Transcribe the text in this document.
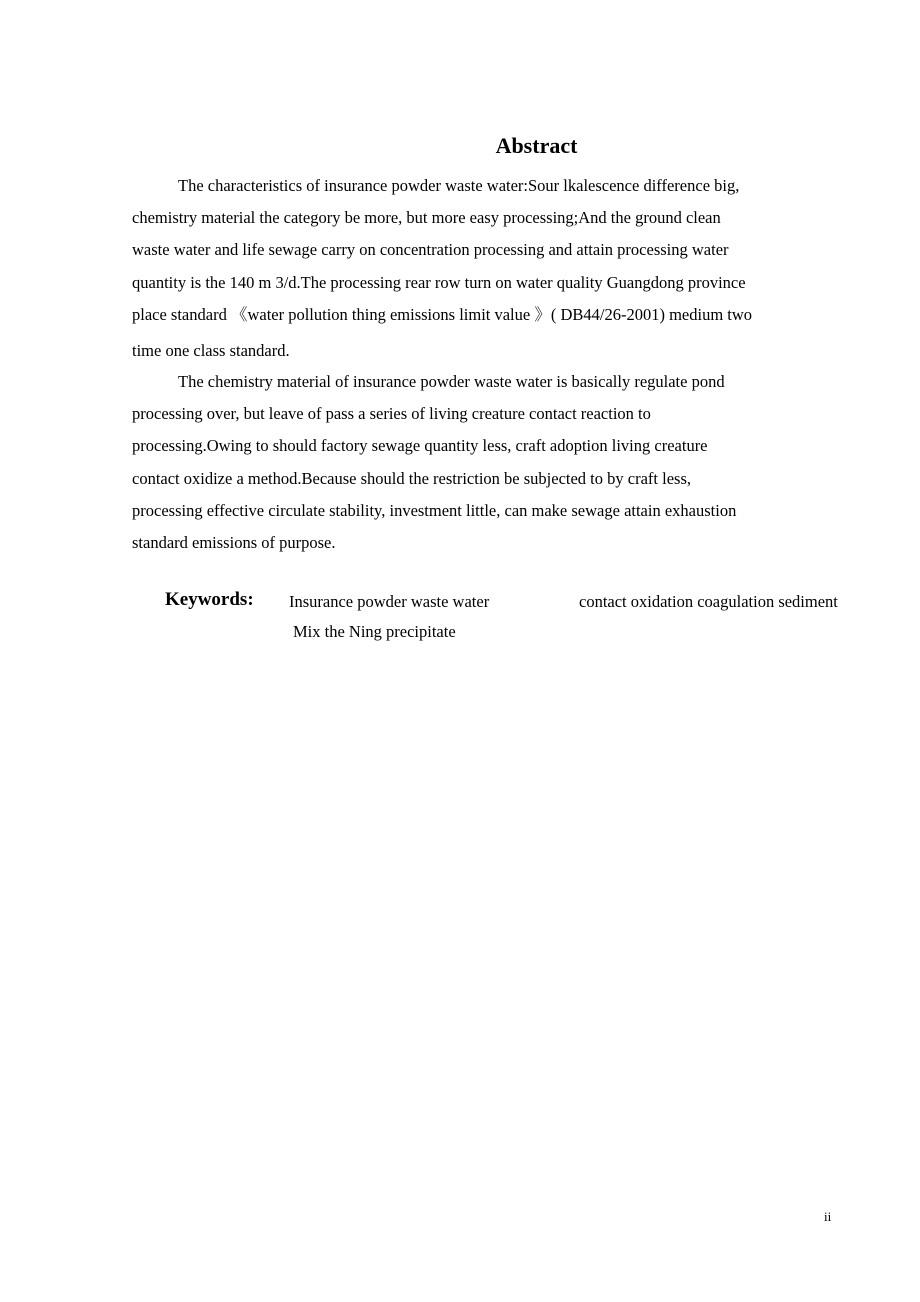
Abstract

The characteristics of insurance powder waste water:Sour lkalescence difference big,
chemistry material the category be more, but more easy processing;And the ground clean
waste water and life sewage carry on concentration processing and attain processing water
quantity is the 140 m 3/d.The processing rear row turn on water quality Guangdong province
place standard 《water pollution thing emissions limit value 》( DB44/26-2001) medium two
time one class standard.

The chemistry material of insurance powder waste water is basically regulate pond
processing over, but leave of pass a series of living creature contact reaction to
processing.Owing to should factory sewage quantity less, craft adoption living creature
contact oxidize a method.Because should the restriction be subjected to by craft less,
processing effective circulate stability, investment little, can make sewage attain exhaustion
standard emissions of purpose.

Keywords: Insurance powder waste water	contact oxidation coagulation sediment
Mix the Ning precipitate
ii
